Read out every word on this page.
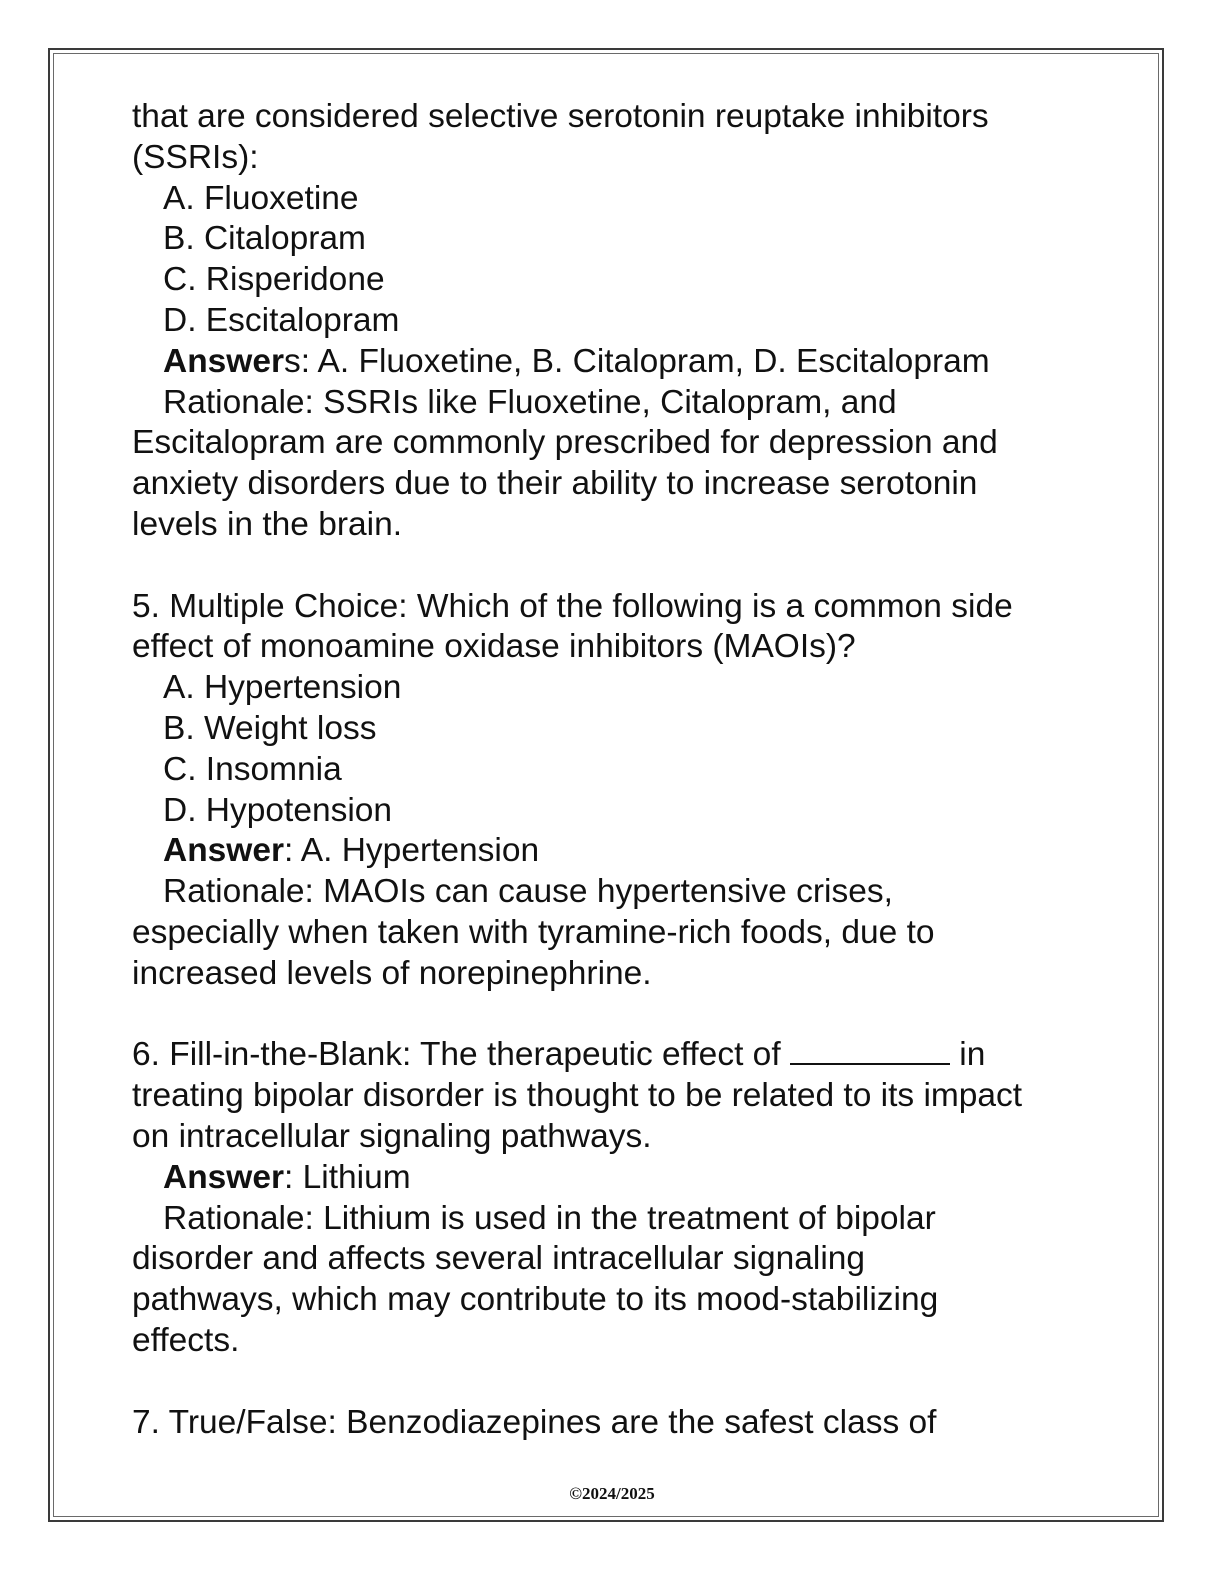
that are considered selective serotonin reuptake inhibitors

(SSRIs):

A. Fluoxetine

B. Citalopram

C. Risperidone

D. Escitalopram

Answers: A. Fluoxetine, B. Citalopram, D. Escitalopram

Rationale: SSRIs like Fluoxetine, Citalopram, and

Escitalopram are commonly prescribed for depression and

anxiety disorders due to their ability to increase serotonin

levels in the brain.

5. Multiple Choice: Which of the following is a common side

effect of monoamine oxidase inhibitors (MAOIs)?

A. Hypertension

B. Weight loss

C. Insomnia

D. Hypotension

Answer: A. Hypertension

Rationale: MAOIs can cause hypertensive crises,

especially when taken with tyramine-rich foods, due to

increased levels of norepinephrine.

6. Fill-in-the-Blank: The therapeutic effect of	in

treating bipolar disorder is thought to be related to its impact

on intracellular signaling pathways.

Answer: Lithium

Rationale: Lithium is used in the treatment of bipolar

disorder and affects several intracellular signaling

pathways, which may contribute to its mood-stabilizing

effects.

7. True/False: Benzodiazepines are the safest class of

©2024/2025
